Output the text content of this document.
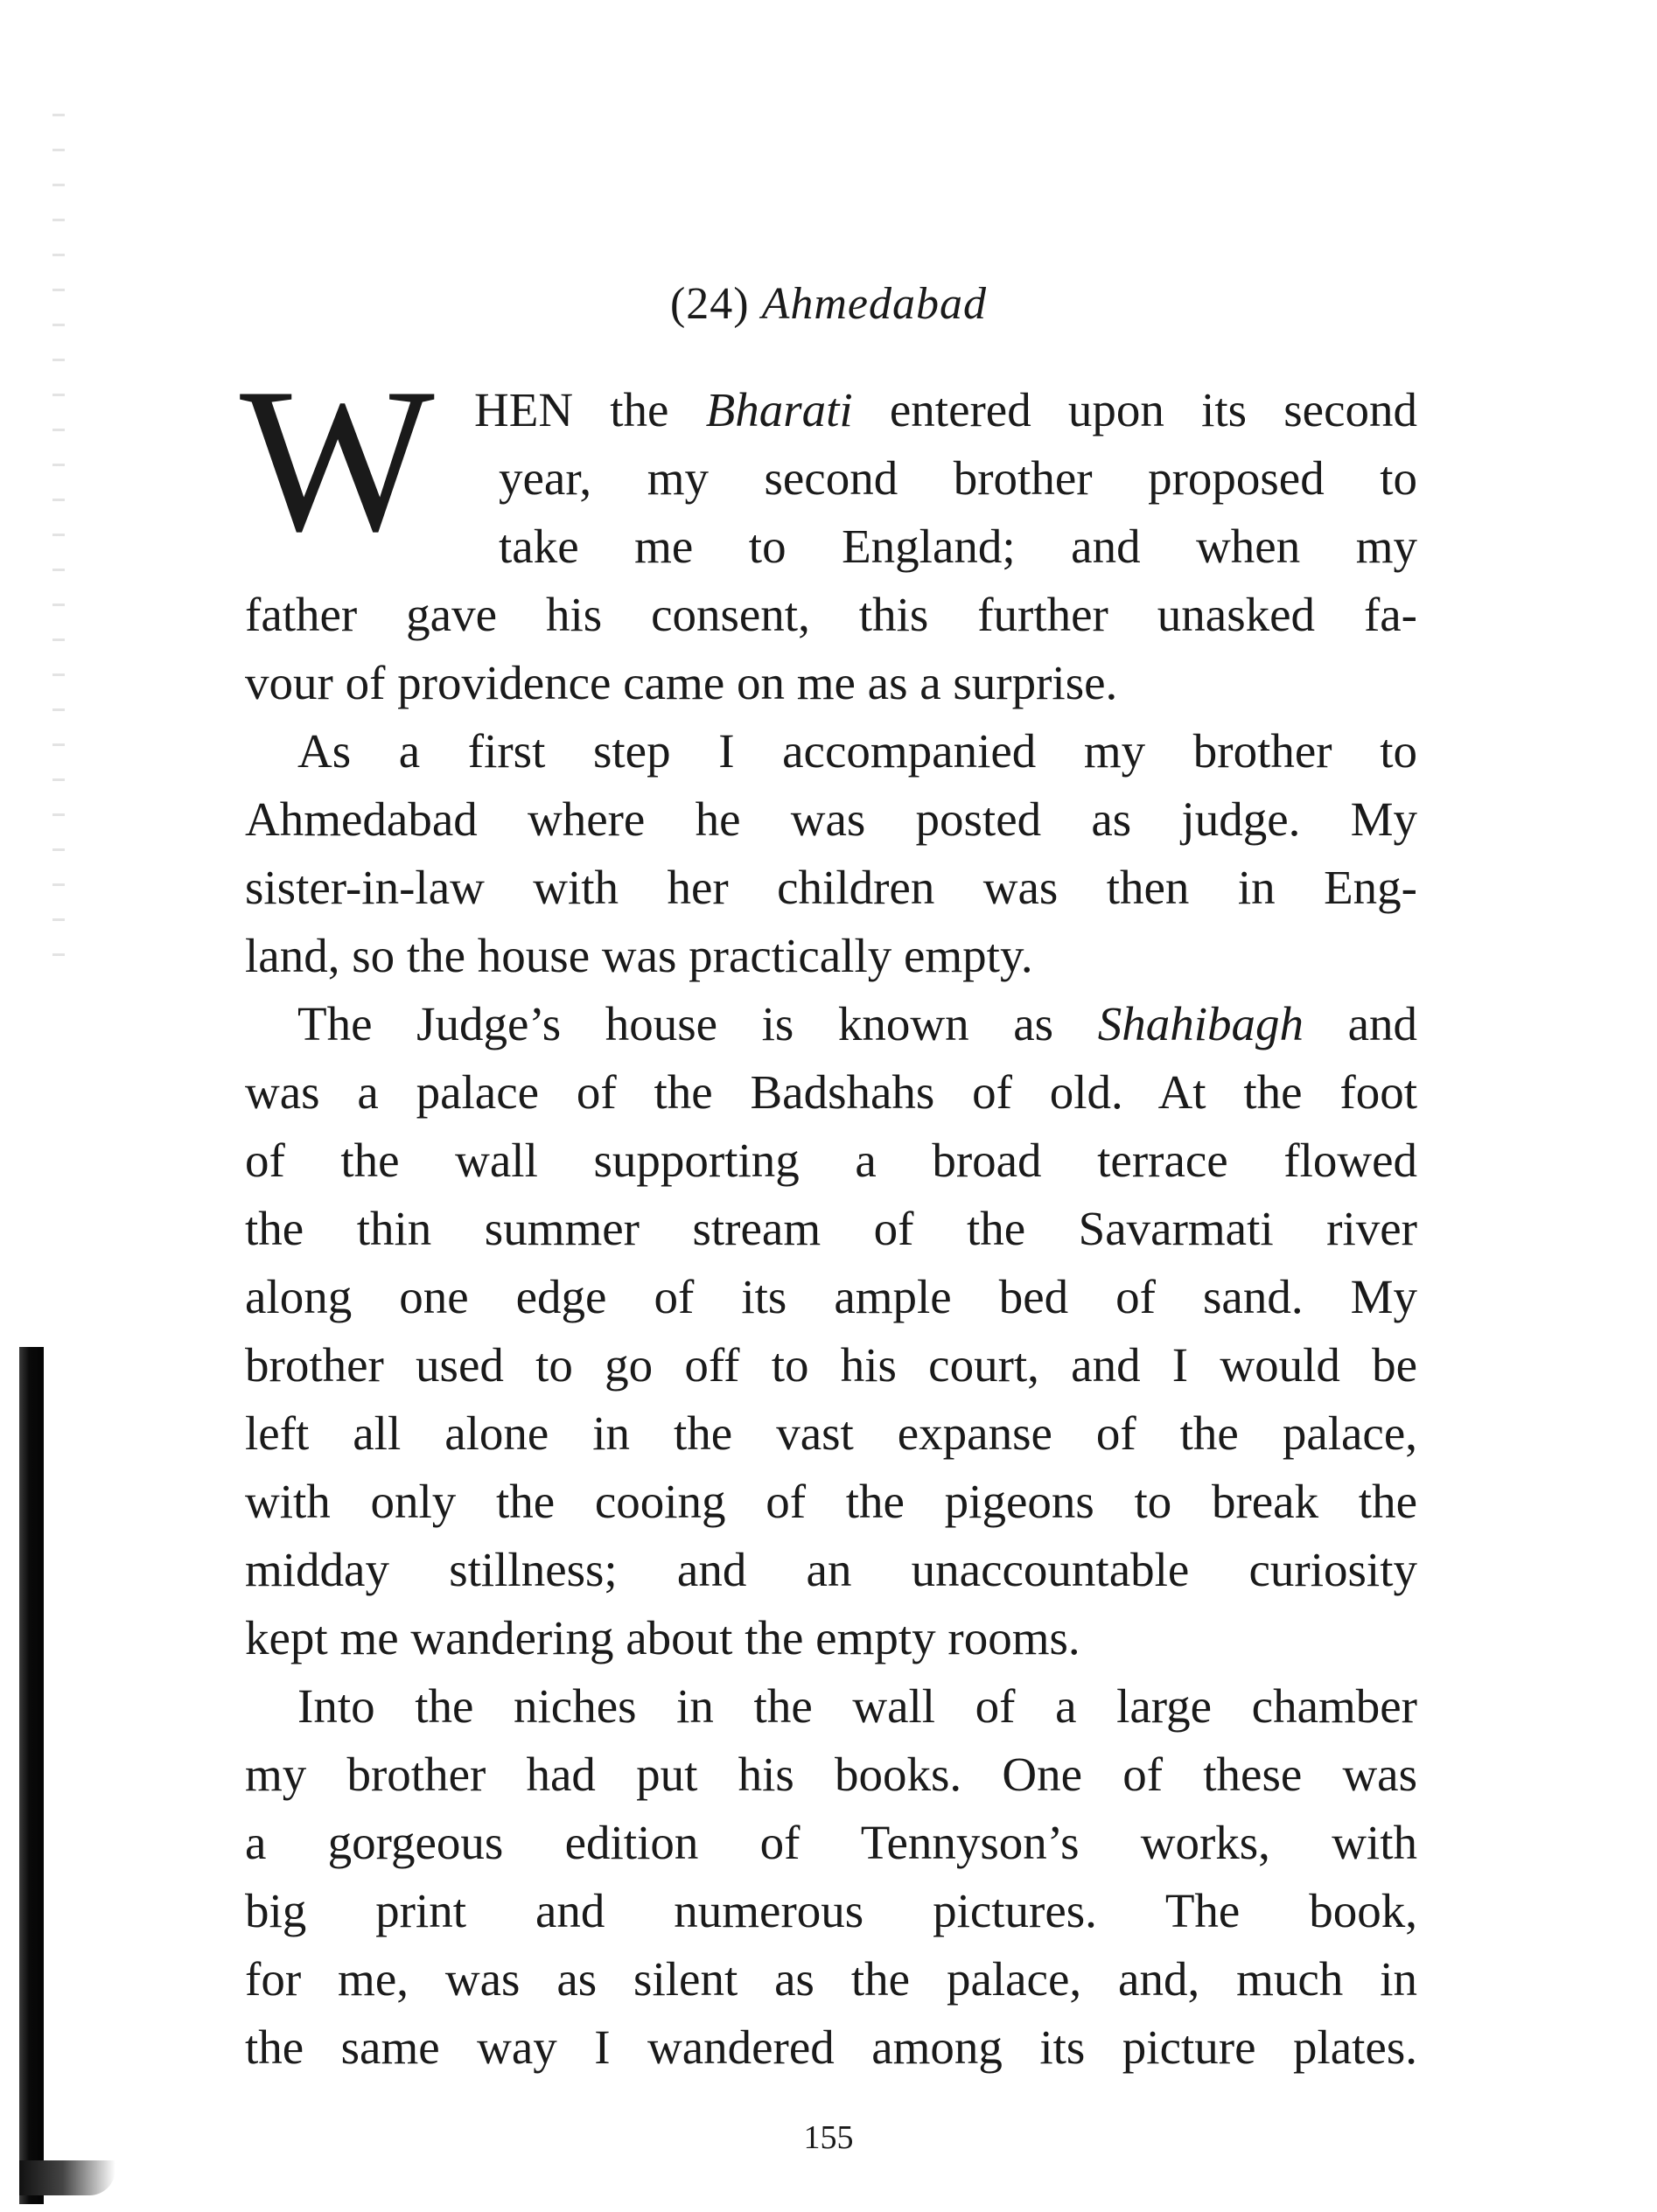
(24) Ahmedabad
W HEN the Bharati entered upon its second
year, my second brother proposed to
take me to England; and when my
father gave his consent, this further unasked fa-
vour of providence came on me as a surprise.
As a first step I accompanied my brother to
Ahmedabad where he was posted as judge. My
sister-in-law with her children was then in Eng-
land, so the house was practically empty.
The Judge’s house is known as Shahibagh and
was a palace of the Badshahs of old. At the foot
of the wall supporting a broad terrace flowed
the thin summer stream of the Savarmati river
along one edge of its ample bed of sand. My
brother used to go off to his court, and I would be
left all alone in the vast expanse of the palace,
with only the cooing of the pigeons to break the
midday stillness; and an unaccountable curiosity
kept me wandering about the empty rooms.
Into the niches in the wall of a large chamber
my brother had put his books. One of these was
a gorgeous edition of Tennyson’s works, with
big print and numerous pictures. The book,
for me, was as silent as the palace, and, much in
the same way I wandered among its picture plates.
155
